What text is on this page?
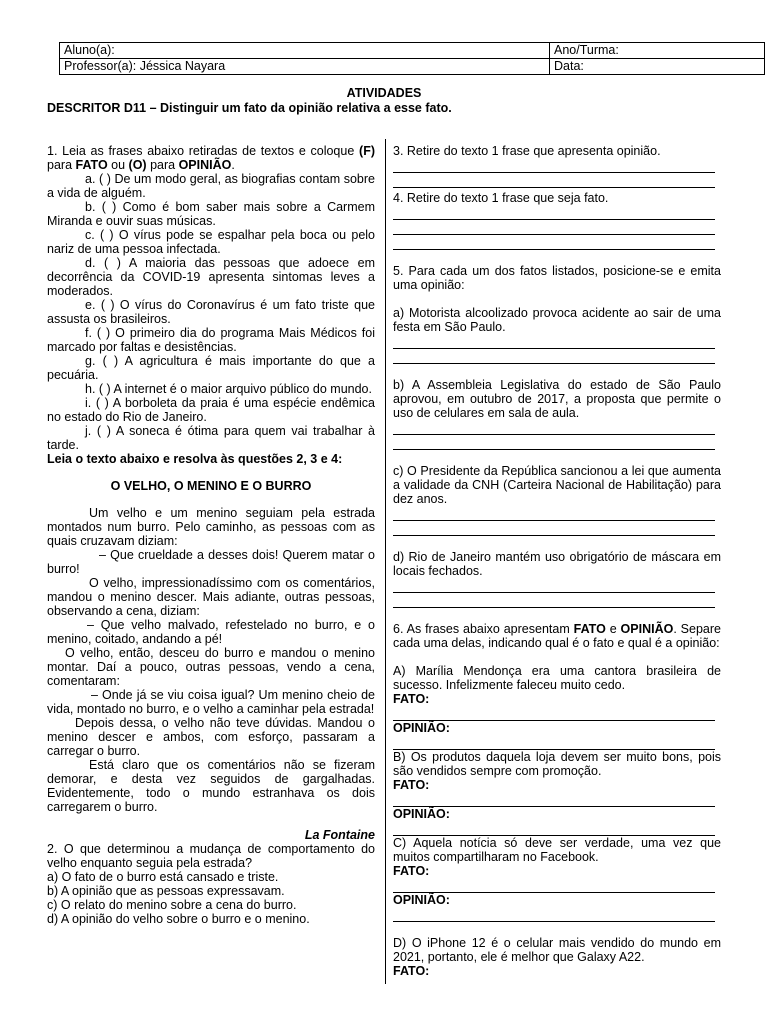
Aluno(a):	Ano/Turma:
Professor(a): Jéssica Nayara	Data:
ATIVIDADES
DESCRITOR D11 – Distinguir um fato da opinião relativa a esse fato.

1. Leia as frases abaixo retiradas de textos e coloque (F) para FATO ou (O) para OPINIÃO.

a. ( ) De um modo geral, as biografias contam sobre a vida de alguém.

b. ( ) Como é bom saber mais sobre a Carmem Miranda e ouvir suas músicas.

c. ( ) O vírus pode se espalhar pela boca ou pelo nariz de uma pessoa infectada.

d. ( ) A maioria das pessoas que adoece em decorrência da COVID-19 apresenta sintomas leves a moderados.

e. ( ) O vírus do Coronavírus é um fato triste que assusta os brasileiros.

f. ( ) O primeiro dia do programa Mais Médicos foi marcado por faltas e desistências.

g. ( ) A agricultura é mais importante do que a pecuária.

h. ( ) A internet é o maior arquivo público do mundo.

i. ( ) A borboleta da praia é uma espécie endêmica no estado do Rio de Janeiro.

j. ( ) A soneca é ótima para quem vai trabalhar à tarde.

Leia o texto abaixo e resolva às questões 2, 3 e 4:

O VELHO, O MENINO E O BURRO

Um velho e um menino seguiam pela estrada montados num burro. Pelo caminho, as pessoas com as quais cruzavam diziam:

– Que crueldade a desses dois! Querem matar o burro!

O velho, impressionadíssimo com os comentários, mandou o menino descer. Mais adiante, outras pessoas, observando a cena, diziam:

– Que velho malvado, refestelado no burro, e o menino, coitado, andando a pé!

O velho, então, desceu do burro e mandou o menino montar. Daí a pouco, outras pessoas, vendo a cena, comentaram:

– Onde já se viu coisa igual? Um menino cheio de vida, montado no burro, e o velho a caminhar pela estrada!

Depois dessa, o velho não teve dúvidas. Mandou o menino descer e ambos, com esforço, passaram a carregar o burro.

Está claro que os comentários não se fizeram demorar, e desta vez seguidos de gargalhadas. Evidentemente, todo o mundo estranhava os dois carregarem o burro.

La Fontaine

2. O que determinou a mudança de comportamento do velho enquanto seguia pela estrada?

a) O fato de o burro está cansado e triste.

b) A opinião que as pessoas expressavam.

c) O relato do menino sobre a cena do burro.

d) A opinião do velho sobre o burro e o menino.

3. Retire do texto 1 frase que apresenta opinião.

4. Retire do texto 1 frase que seja fato.

5. Para cada um dos fatos listados, posicione-se e emita uma opinião:

a) Motorista alcoolizado provoca acidente ao sair de uma festa em São Paulo.

b) A Assembleia Legislativa do estado de São Paulo aprovou, em outubro de 2017, a proposta que permite o uso de celulares em sala de aula.

c) O Presidente da República sancionou a lei que aumenta a validade da CNH (Carteira Nacional de Habilitação) para dez anos.

d) Rio de Janeiro mantém uso obrigatório de máscara em locais fechados.

6. As frases abaixo apresentam FATO e OPINIÃO. Separe cada uma delas, indicando qual é o fato e qual é a opinião:

A) Marília Mendonça era uma cantora brasileira de sucesso. Infelizmente faleceu muito cedo.

FATO:

OPINIÃO:

B) Os produtos daquela loja devem ser muito bons, pois são vendidos sempre com promoção.

FATO:

OPINIÃO:

C) Aquela notícia só deve ser verdade, uma vez que muitos compartilharam no Facebook.

FATO:

OPINIÃO:

D) O iPhone 12 é o celular mais vendido do mundo em 2021, portanto, ele é melhor que Galaxy A22.

FATO:
